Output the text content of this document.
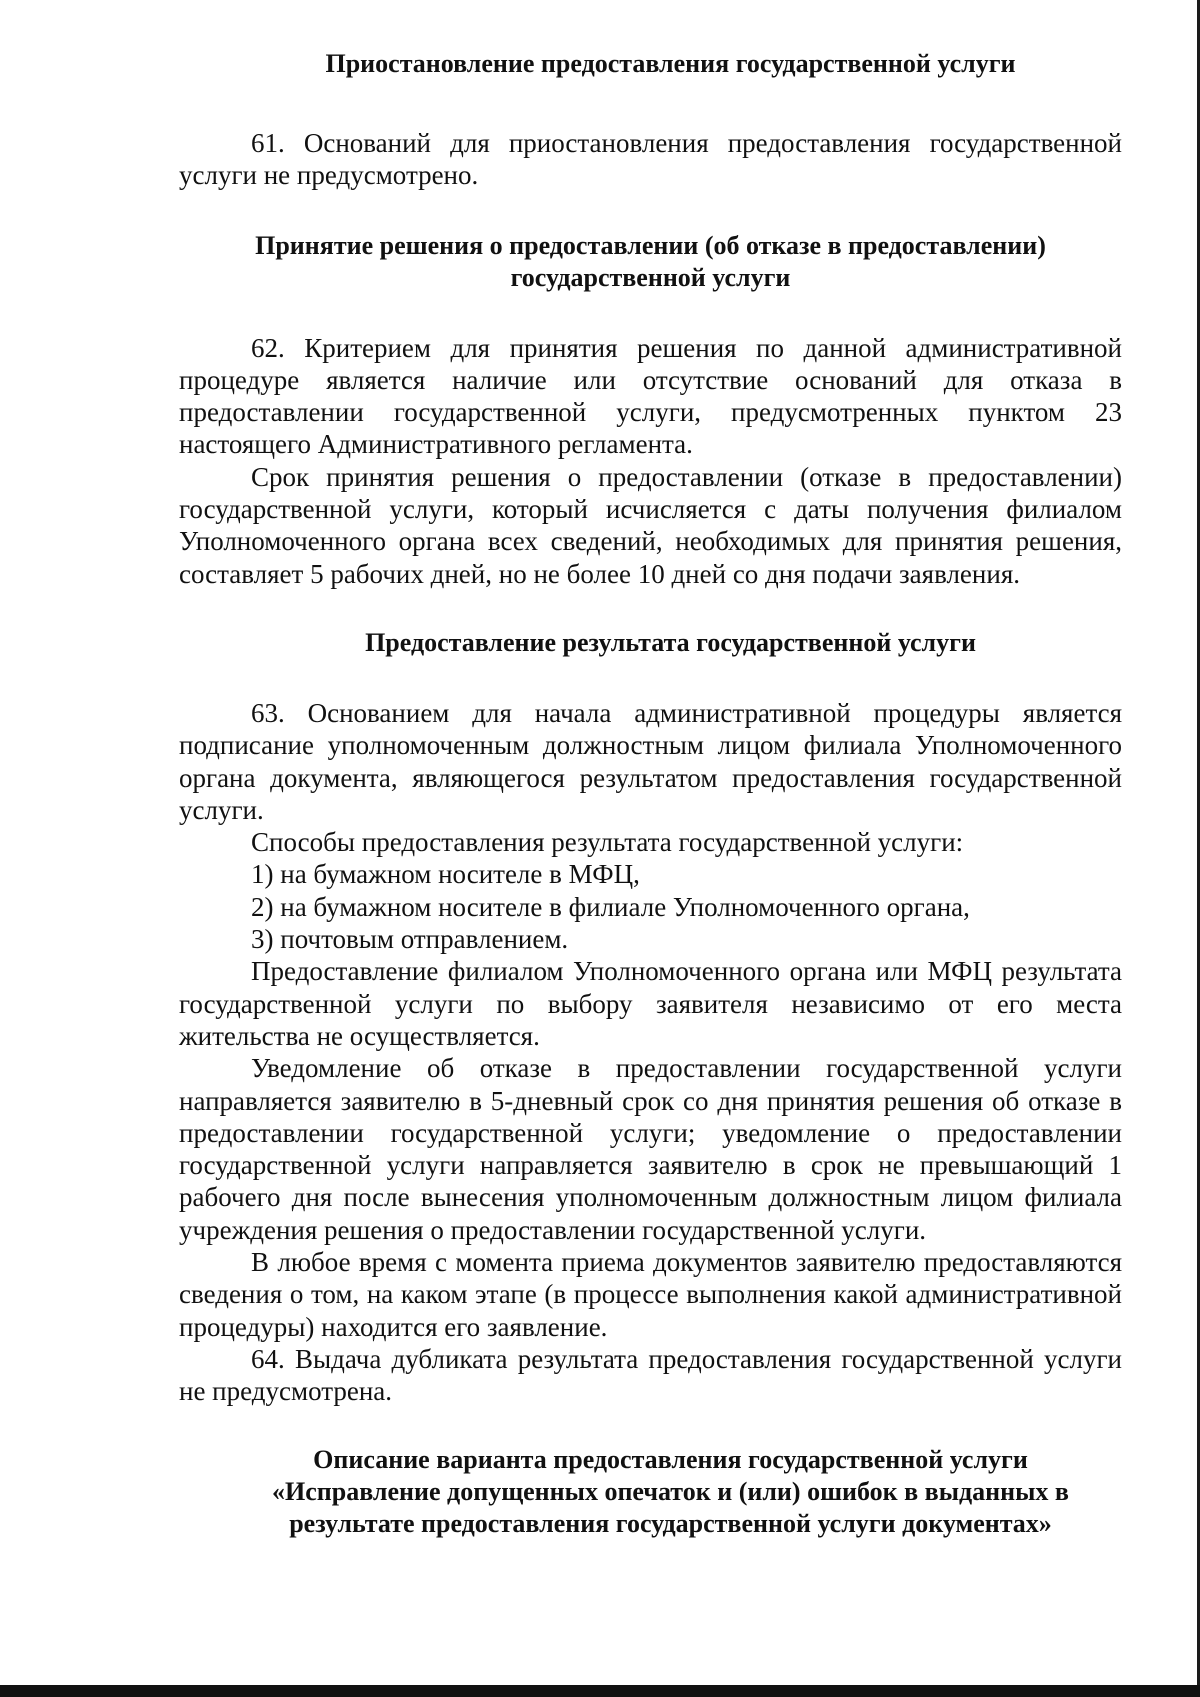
Приостановление предоставления государственной услуги

61. Оснований для приостановления предоставления государственной услуги не предусмотрено.

Принятие решения о предоставлении (об отказе в предоставлении)
государственной услуги

62. Критерием для принятия решения по данной административной процедуре является наличие или отсутствие оснований для отказа в предоставлении государственной услуги, предусмотренных пунктом 23 настоящего Административного регламента.

Срок принятия решения о предоставлении (отказе в предоставлении) государственной услуги, который исчисляется с даты получения филиалом Уполномоченного органа всех сведений, необходимых для принятия решения, составляет 5 рабочих дней, но не более 10 дней со дня подачи заявления.

Предоставление результата государственной услуги

63. Основанием для начала административной процедуры является подписание уполномоченным должностным лицом филиала Уполномоченного органа документа, являющегося результатом предоставления государственной услуги.

Способы предоставления результата государственной услуги:

1) на бумажном носителе в МФЦ,

2) на бумажном носителе в филиале Уполномоченного органа,

3) почтовым отправлением.

Предоставление филиалом Уполномоченного органа или МФЦ результата государственной услуги по выбору заявителя независимо от его места жительства не осуществляется.

Уведомление об отказе в предоставлении государственной услуги направляется заявителю в 5-дневный срок со дня принятия решения об отказе в предоставлении государственной услуги; уведомление о предоставлении государственной услуги направляется заявителю в срок не превышающий 1 рабочего дня после вынесения уполномоченным должностным лицом филиала учреждения решения о предоставлении государственной услуги.

В любое время с момента приема документов заявителю предоставляются сведения о том, на каком этапе (в процессе выполнения какой административной процедуры) находится его заявление.

64. Выдача дубликата результата предоставления государственной услуги не предусмотрена.

Описание варианта предоставления государственной услуги
«Исправление допущенных опечаток и (или) ошибок в выданных в
результате предоставления государственной услуги документах»
